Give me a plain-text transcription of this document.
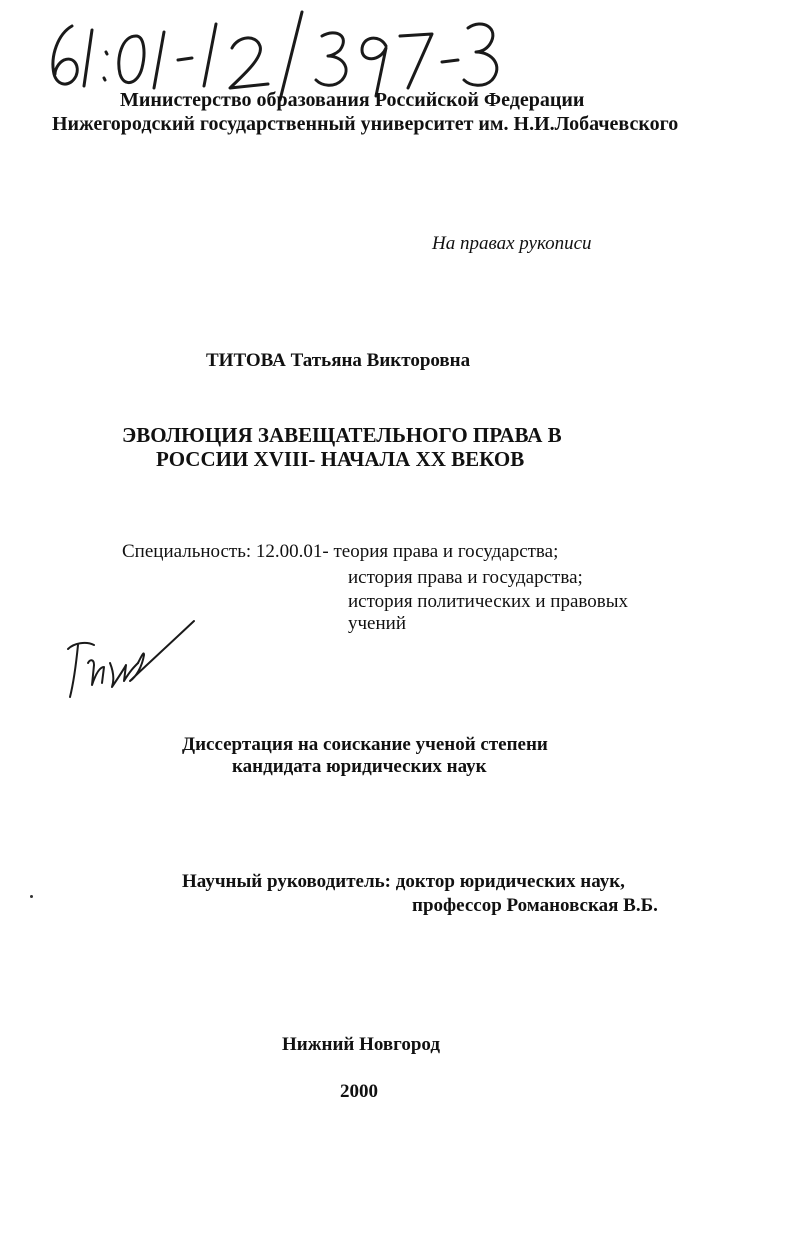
61:01-12/397-3
Министерство образования Российской Федерации
Нижегородский государственный университет им. Н.И.Лобачевского
На правах рукописи
ТИТОВА Татьяна Викторовна
ЭВОЛЮЦИЯ ЗАВЕЩАТЕЛЬНОГО ПРАВА В
РОССИИ XVIII- НАЧАЛА XX ВЕКОВ
Специальность: 12.00.01- теория права и государства;
история права и государства;
история политических и правовых
учений
Диссертация на соискание ученой степени
кандидата юридических наук
Научный руководитель: доктор юридических наук,
профессор Романовская В.Б.
Нижний Новгород
2000
